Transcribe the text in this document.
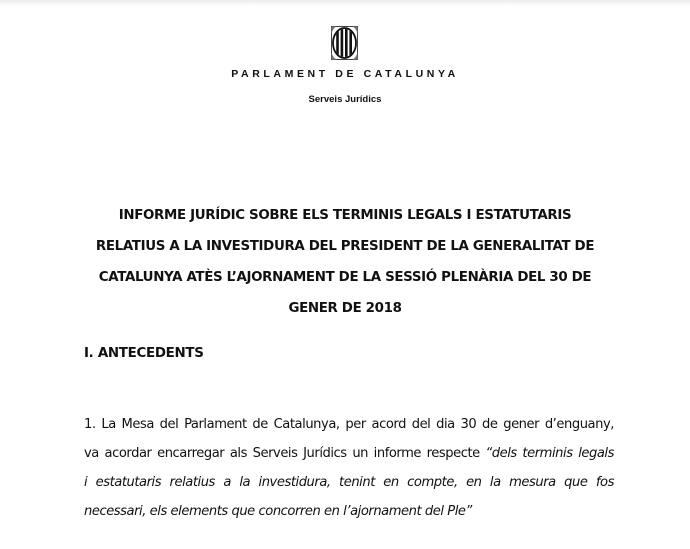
PARLAMENT DE CATALUNYA
Serveis Jurídics
INFORME JURÍDIC SOBRE ELS TERMINIS LEGALS I ESTATUTARIS
RELATIUS A LA INVESTIDURA DEL PRESIDENT DE LA GENERALITAT DE
CATALUNYA ATÈS L’AJORNAMENT DE LA SESSIÓ PLENÀRIA DEL 30 DE
GENER DE 2018
I. ANTECEDENTS
1. La Mesa del Parlament de Catalunya, per acord del dia 30 de gener d’enguany,
va acordar encarregar als Serveis Jurídics un informe respecte “dels terminis legals
i estatutaris relatius a la investidura, tenint en compte, en la mesura que fos
necessari, els elements que concorren en l’ajornament del Ple”
